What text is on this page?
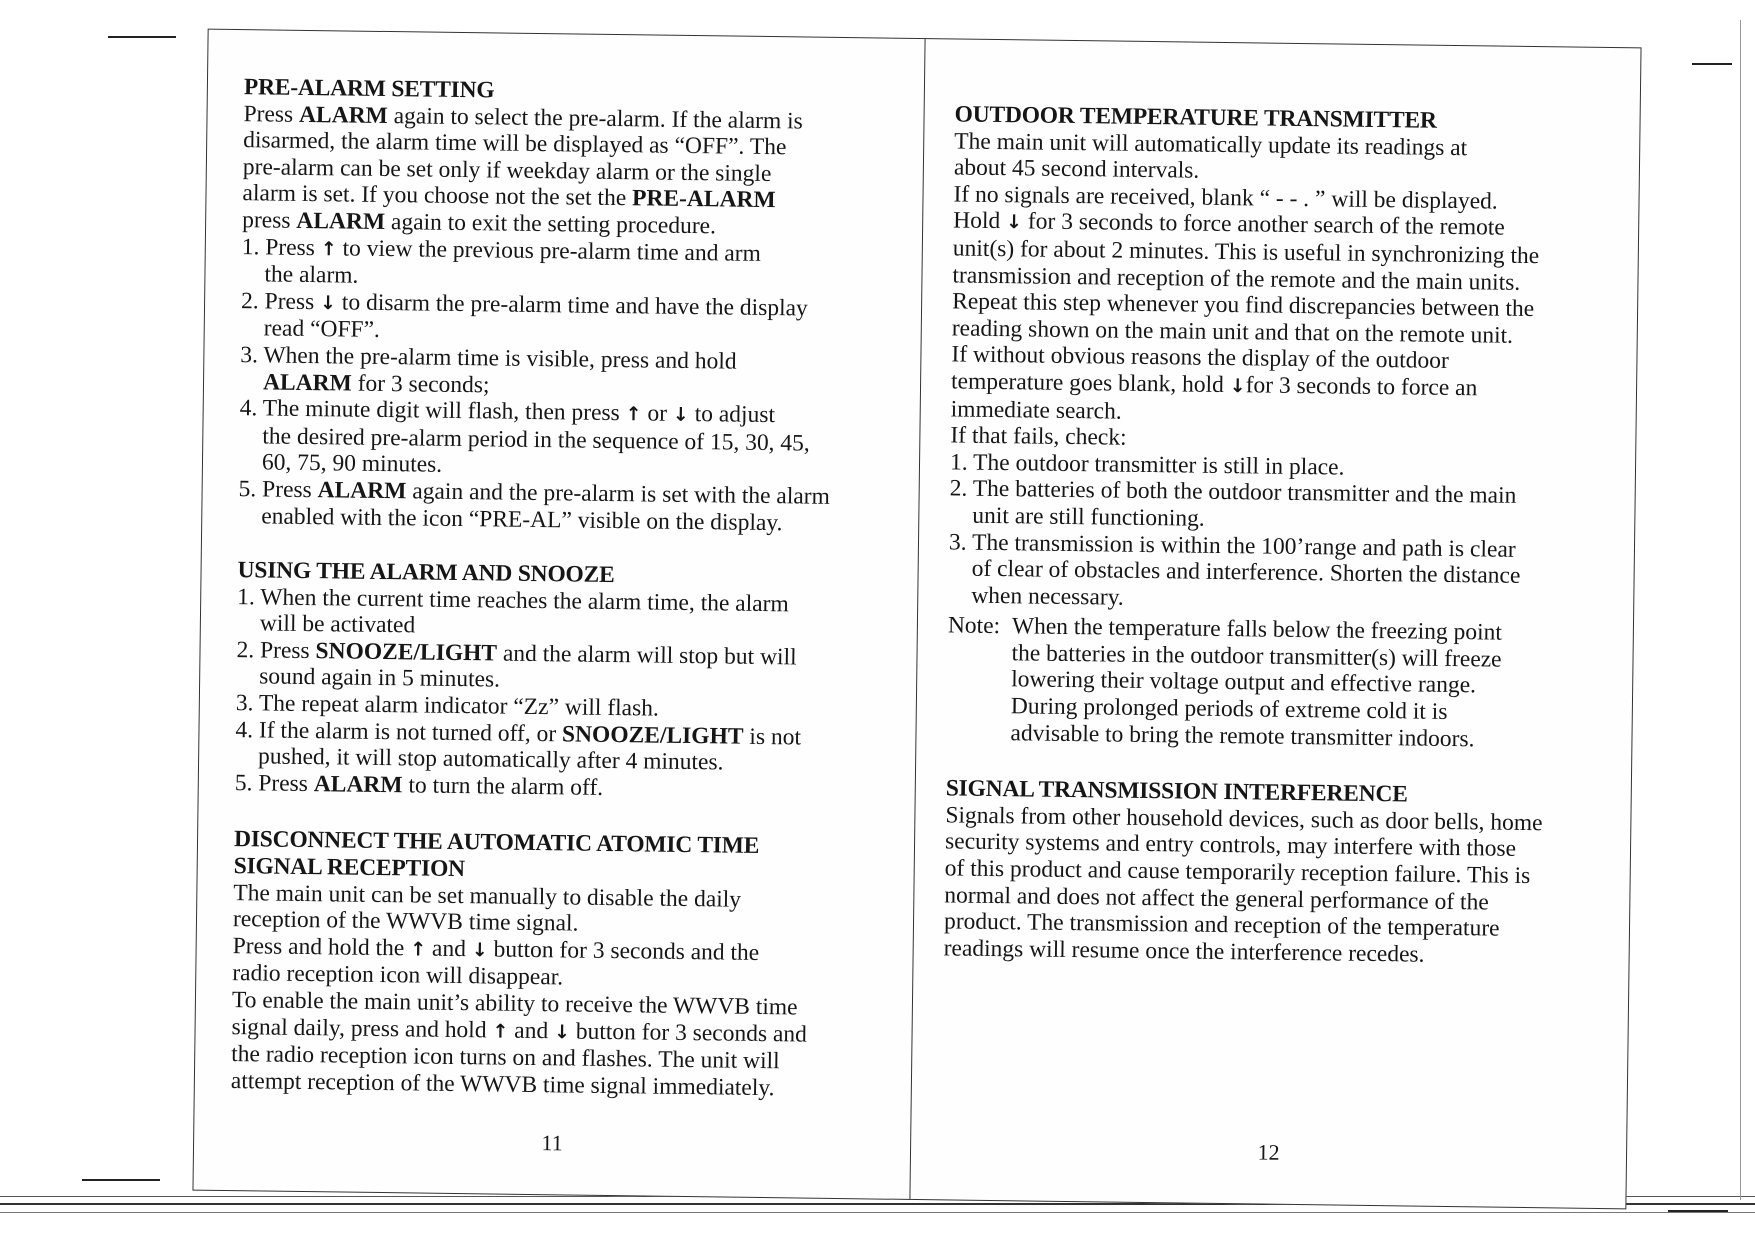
PRE-ALARM SETTING

Press ALARM again to select the pre-alarm. If the alarm is

disarmed, the alarm time will be displayed as “OFF”. The

pre-alarm can be set only if weekday alarm or the single

alarm is set. If you choose not the set the PRE-ALARM

press ALARM again to exit the setting procedure.

1. Press ↑ to view the previous pre-alarm time and arm
the alarm.
2. Press ↓ to disarm the pre-alarm time and have the display
read “OFF”.
3. When the pre-alarm time is visible, press and hold
ALARM for 3 seconds;
4. The minute digit will flash, then press ↑ or ↓ to adjust
the desired pre-alarm period in the sequence of 15, 30, 45,
60, 75, 90 minutes.
5. Press ALARM again and the pre-alarm is set with the alarm
enabled with the icon “PRE-AL” visible on the display.
USING THE ALARM AND SNOOZE
1. When the current time reaches the alarm time, the alarm
will be activated
2. Press SNOOZE/LIGHT and the alarm will stop but will
sound again in 5 minutes.
3. The repeat alarm indicator “Zz” will flash.
4. If the alarm is not turned off, or SNOOZE/LIGHT is not
pushed, it will stop automatically after 4 minutes.
5. Press ALARM to turn the alarm off.
DISCONNECT THE AUTOMATIC ATOMIC TIME
SIGNAL RECEPTION

The main unit can be set manually to disable the daily

reception of the WWVB time signal.

Press and hold the ↑ and ↓ button for 3 seconds and the

radio reception icon will disappear.

To enable the main unit’s ability to receive the WWVB time

signal daily, press and hold ↑ and ↓ button for 3 seconds and

the radio reception icon turns on and flashes. The unit will

attempt reception of the WWVB time signal immediately.

11
OUTDOOR TEMPERATURE TRANSMITTER

The main unit will automatically update its readings at

about 45 second intervals.

If no signals are received, blank “ - - . ” will be displayed.

Hold ↓ for 3 seconds to force another search of the remote

unit(s) for about 2 minutes. This is useful in synchronizing the

transmission and reception of the remote and the main units.

Repeat this step whenever you find discrepancies between the

reading shown on the main unit and that on the remote unit.

If without obvious reasons the display of the outdoor

temperature goes blank, hold ↓for 3 seconds to force an

immediate search.

If that fails, check:

1. The outdoor transmitter is still in place.
2. The batteries of both the outdoor transmitter and the main
unit are still functioning.
3. The transmission is within the 100’range and path is clear
of clear of obstacles and interference. Shorten the distance
when necessary.
Note: When the temperature falls below the freezing point

the batteries in the outdoor transmitter(s) will freeze

lowering their voltage output and effective range.

During prolonged periods of extreme cold it is

advisable to bring the remote transmitter indoors.

SIGNAL TRANSMISSION INTERFERENCE

Signals from other household devices, such as door bells, home

security systems and entry controls, may interfere with those

of this product and cause temporarily reception failure. This is

normal and does not affect the general performance of the

product. The transmission and reception of the temperature

readings will resume once the interference recedes.

12
